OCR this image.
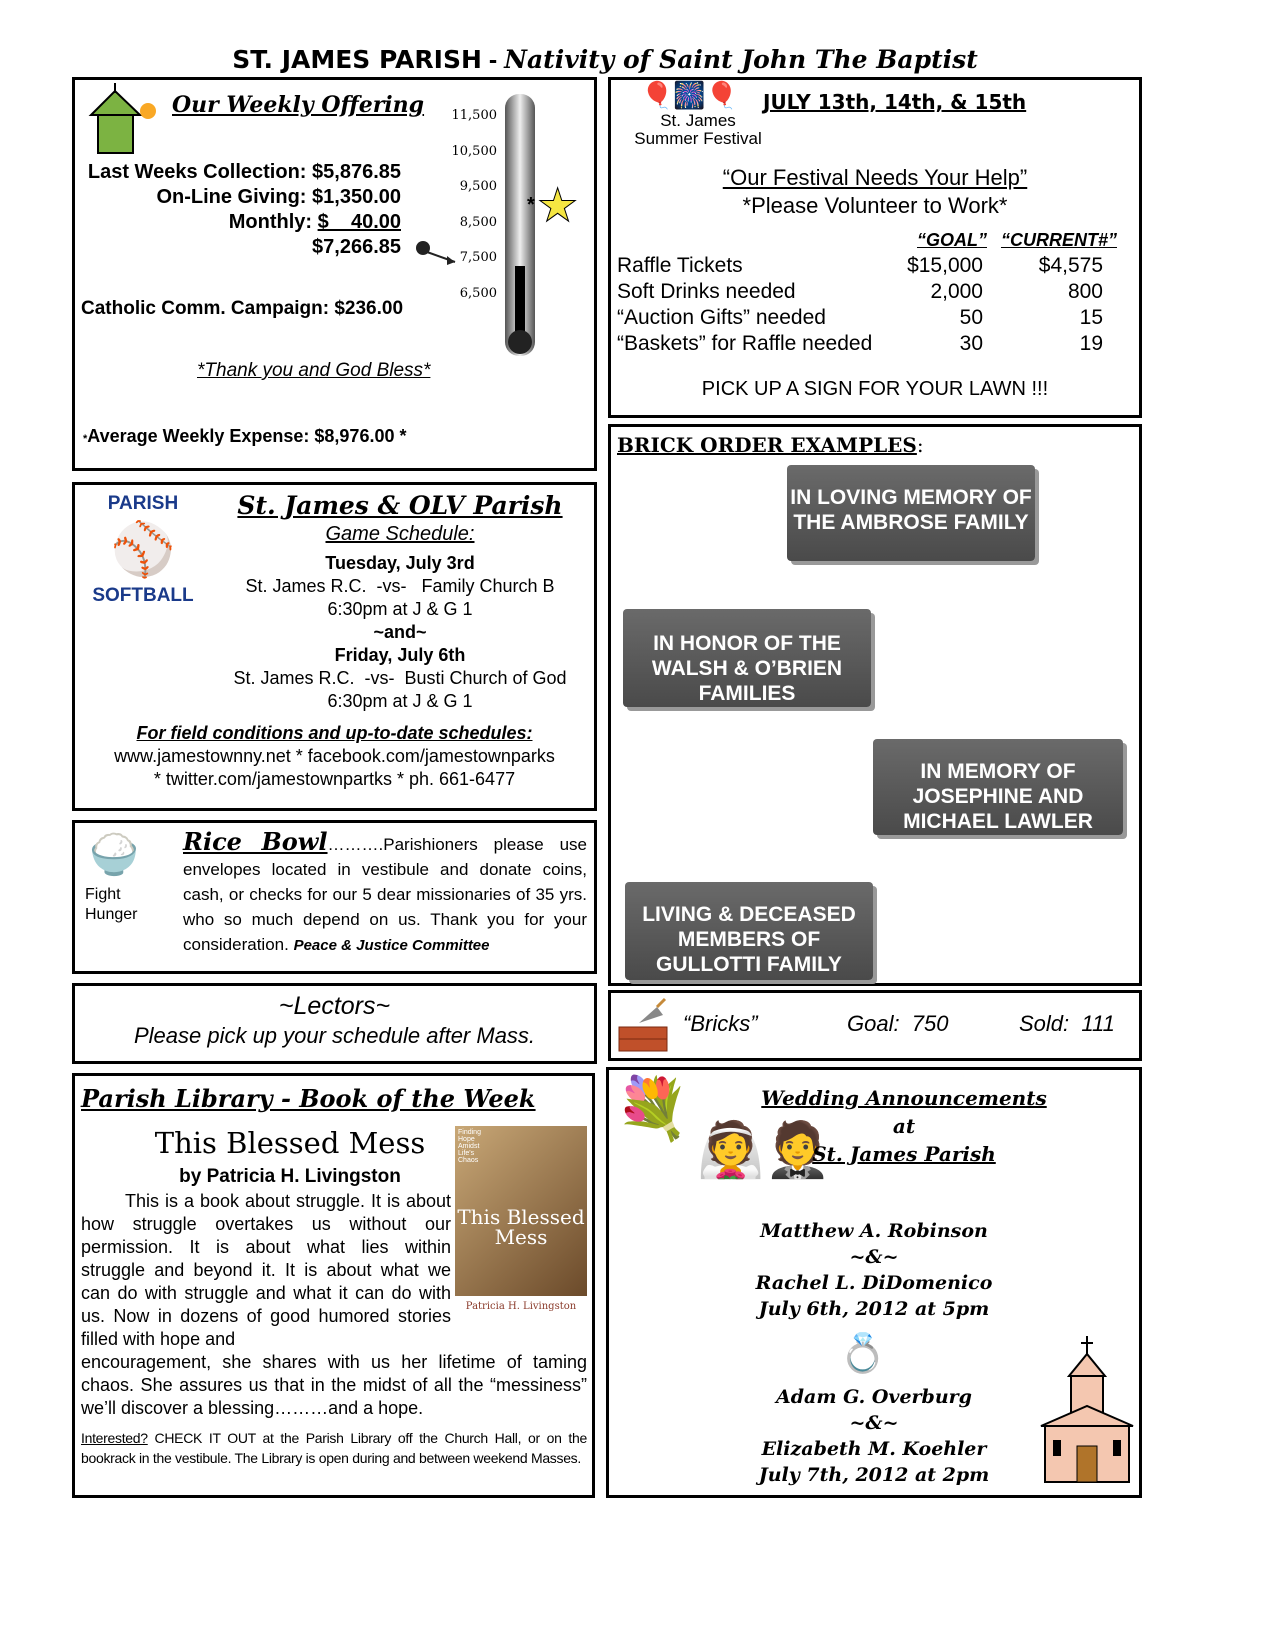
ST. JAMES PARISH - Nativity of Saint John The Baptist
Our Weekly Offering
Last Weeks Collection: $5,876.85
On-Line Giving: $1,350.00
Monthly: $    40.00
$7,266.85
Catholic Comm. Campaign: $236.00
*Thank you and God Bless*
*Average Weekly Expense: $8,976.00 *
11,500
10,500
9,500
8,500
7,500
6,500
* ★
PARISH
⚾
SOFTBALL
St. James & OLV Parish
Game Schedule:
Tuesday, July 3rd
St. James R.C.  -vs-   Family Church B
6:30pm at J & G 1
~and~
Friday, July 6th
St. James R.C.  -vs-  Busti Church of God
6:30pm at J & G 1
For field conditions and up-to-date schedules:
www.jamestownny.net * facebook.com/jamestownparks
* twitter.com/jamestownpartks * ph. 661-6477
🍚
Fight
Hunger
Rice Bowl……….Parishioners please use envelopes located in vestibule and donate coins, cash, or checks for our 5 dear missionaries of 35 yrs. who so much depend on us. Thank you for your consideration. Peace & Justice Committee
~Lectors~
Please pick up your schedule after Mass.
Parish Library - Book of the Week
This Blessed Mess
by Patricia H. Livingston
Finding Hope Amidst Life's Chaos
This Blessed Mess
Patricia H. Livingston
This is a book about struggle. It is about how struggle overtakes us without our permission. It is about what lies within struggle and beyond it. It is about what we can do with struggle and what it can do with us. Now in dozens of good humored stories filled with hope and
encouragement, she shares with us her lifetime of taming chaos. She assures us that in the midst of all the “messiness” we’ll discover a blessing………and a hope.
Interested? CHECK IT OUT at the Parish Library off the Church Hall, or on the bookrack in the vestibule. The Library is open during and between weekend Masses.
🎈🎆🎈
St. James
Summer Festival
JULY 13th, 14th, & 15th
“Our Festival Needs Your Help”
*Please Volunteer to Work*
“GOAL” “CURRENT#”
Raffle Tickets	$15,000	$4,575
Soft Drinks needed	2,000	800
“Auction Gifts” needed	50	15
“Baskets” for Raffle needed	30	19
PICK UP A SIGN FOR YOUR LAWN !!!
BRICK ORDER EXAMPLES:
IN LOVING MEMORY OF THE AMBROSE FAMILY
IN HONOR OF THE WALSH & O’BRIEN FAMILIES
IN MEMORY OF JOSEPHINE AND MICHAEL LAWLER
LIVING & DECEASED MEMBERS OF GULLOTTI FAMILY
“Bricks”	Goal:  750	Sold:  111
💐
👰🤵
Wedding Announcements
at
St. James Parish
Matthew A. Robinson
~&~
Rachel L. DiDomenico
July 6th, 2012 at 5pm
💍
Adam G. Overburg
~&~
Elizabeth M. Koehler
July 7th, 2012 at 2pm
